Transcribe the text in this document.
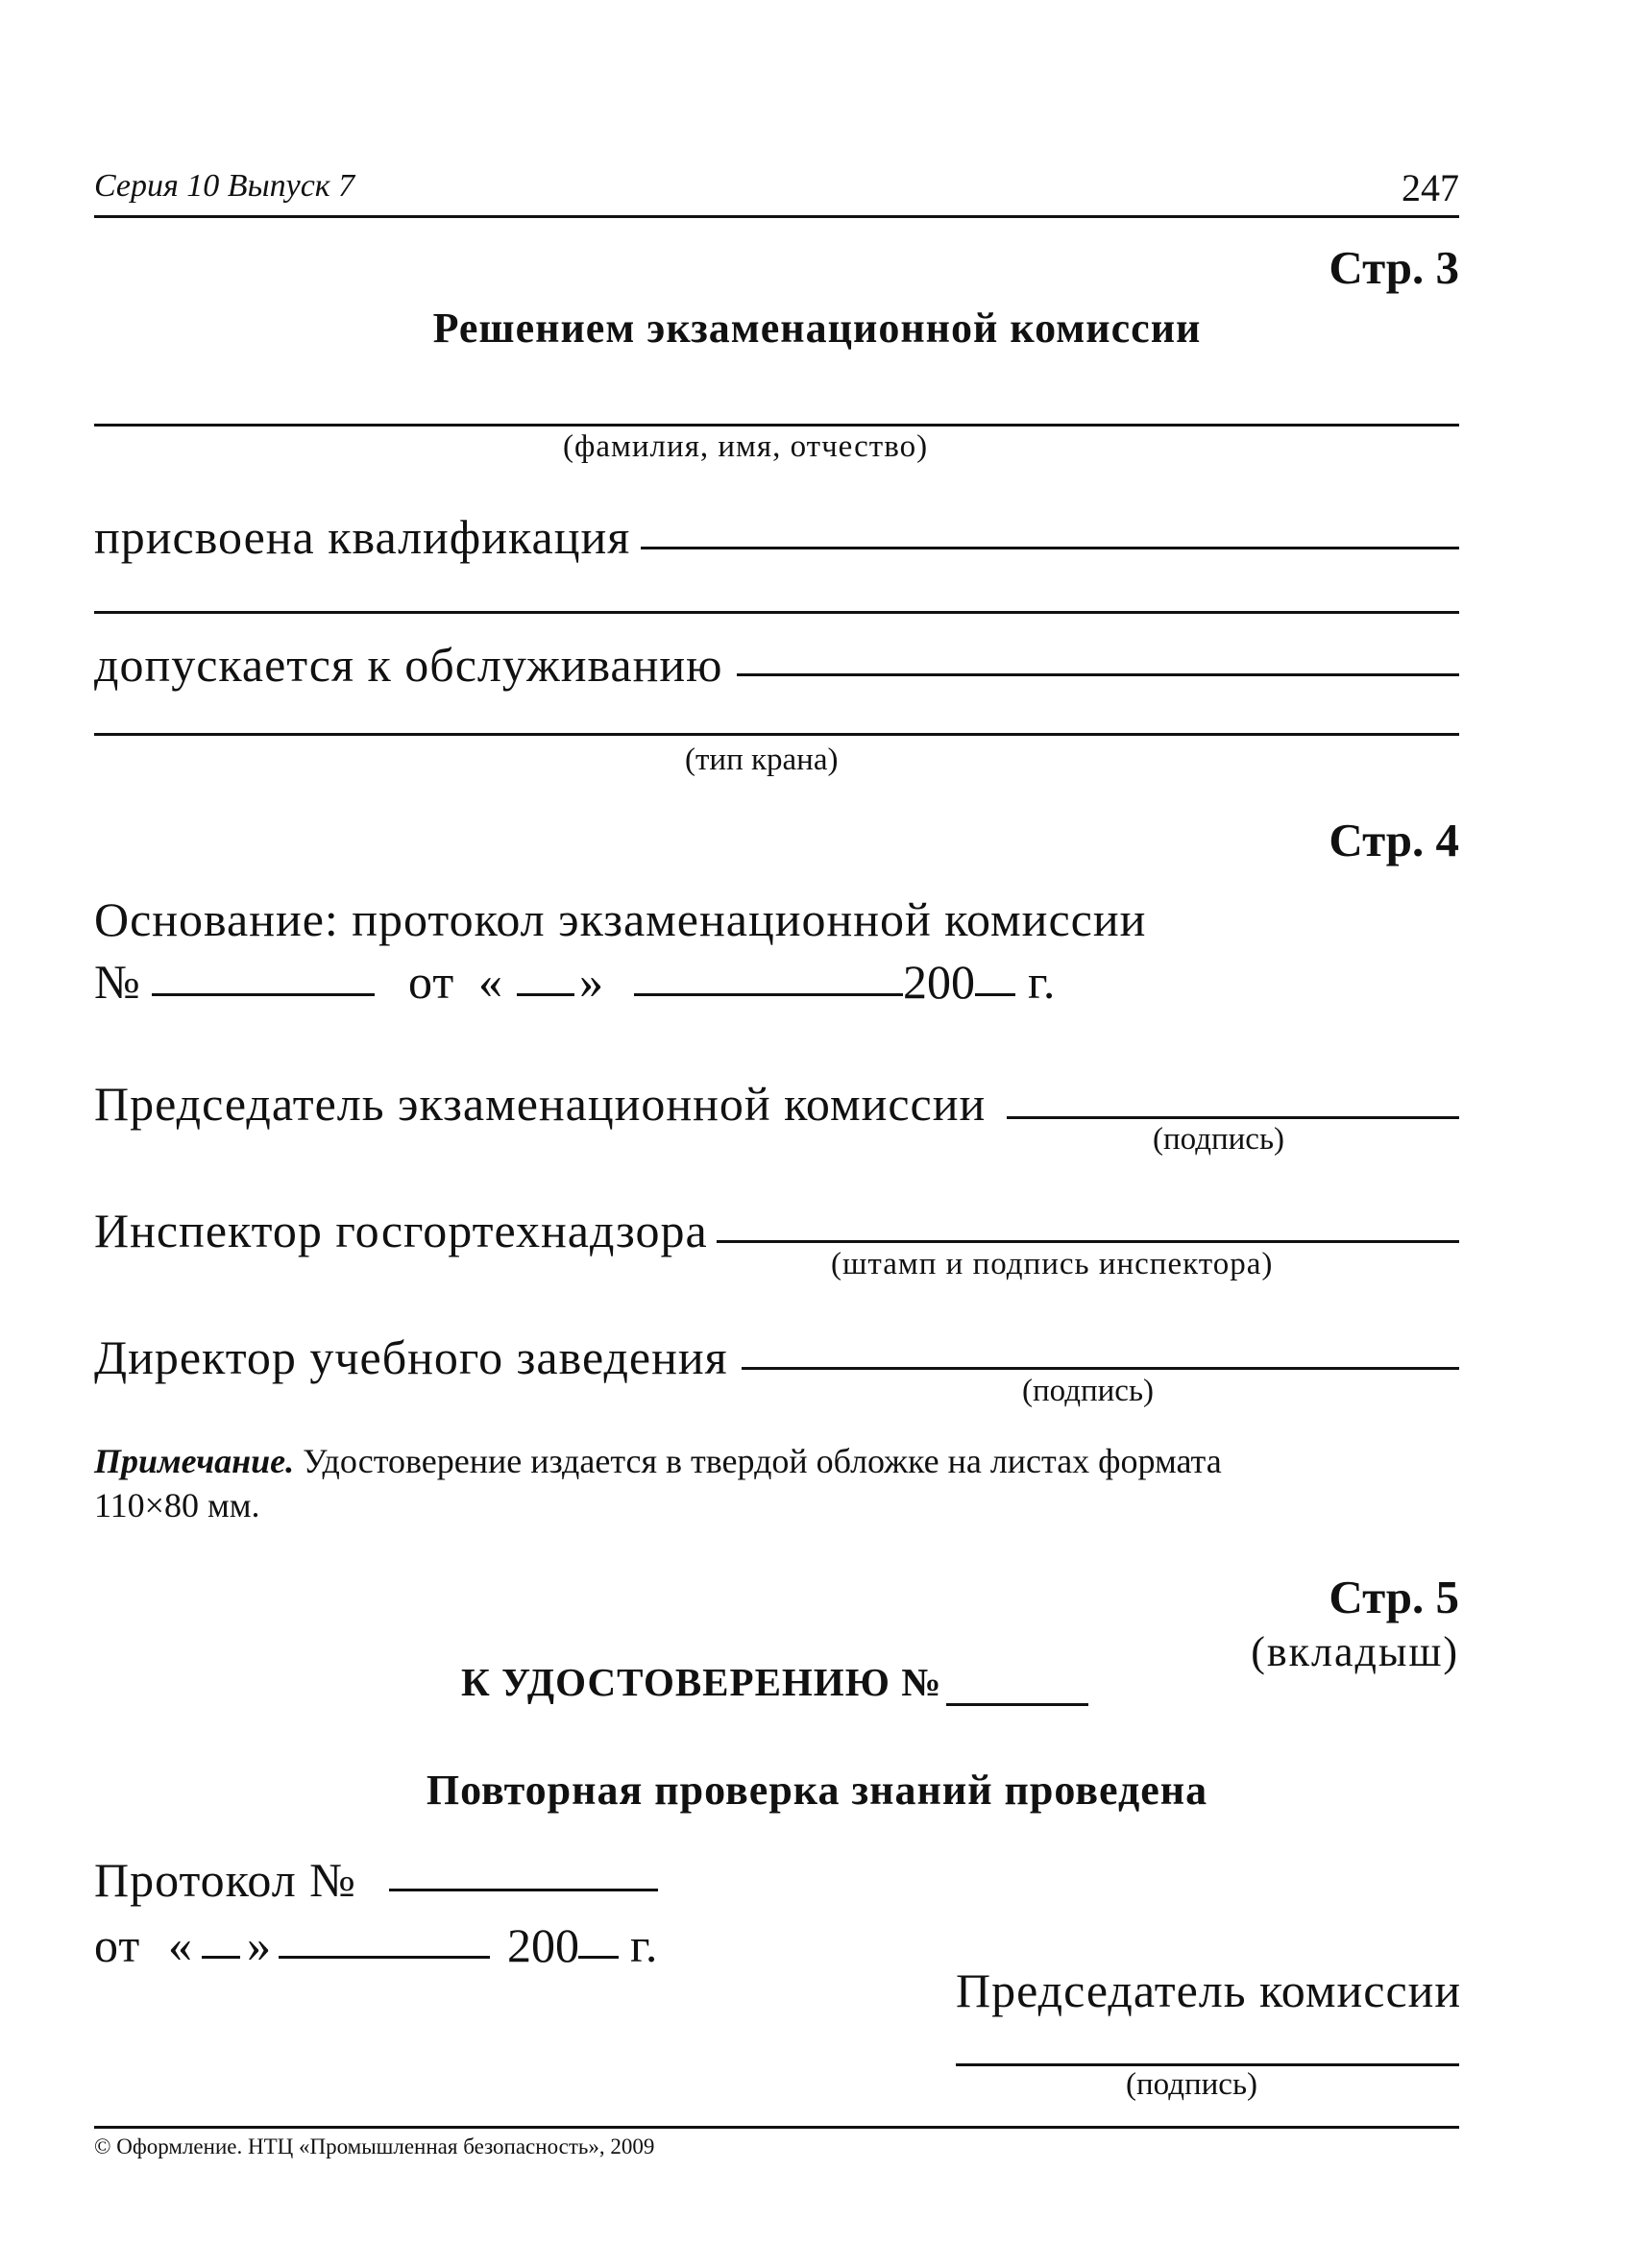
Серия 10 Выпуск 7	247
Стр. 3
Решением экзаменационной комиссии
(фамилия, имя, отчество)
присвоена квалификация
допускается к обслуживанию
(тип крана)
Стр. 4
Основание: протокол экзаменационной комиссии
№	от « »	200 г.
Председатель экзаменационной комиссии
(подпись)
Инспектор госгортехнадзора
(штамп и подпись инспектора)
Директор учебного заведения
(подпись)
Примечание. Удостоверение издается в твердой обложке на листах формата
110×80 мм.
Стр. 5
(вкладыш)
К УДОСТОВЕРЕНИЮ №
Повторная проверка знаний проведена
Протокол №
от « »	200 г.
Председатель комиссии
(подпись)
© Оформление. НТЦ «Промышленная безопасность», 2009
